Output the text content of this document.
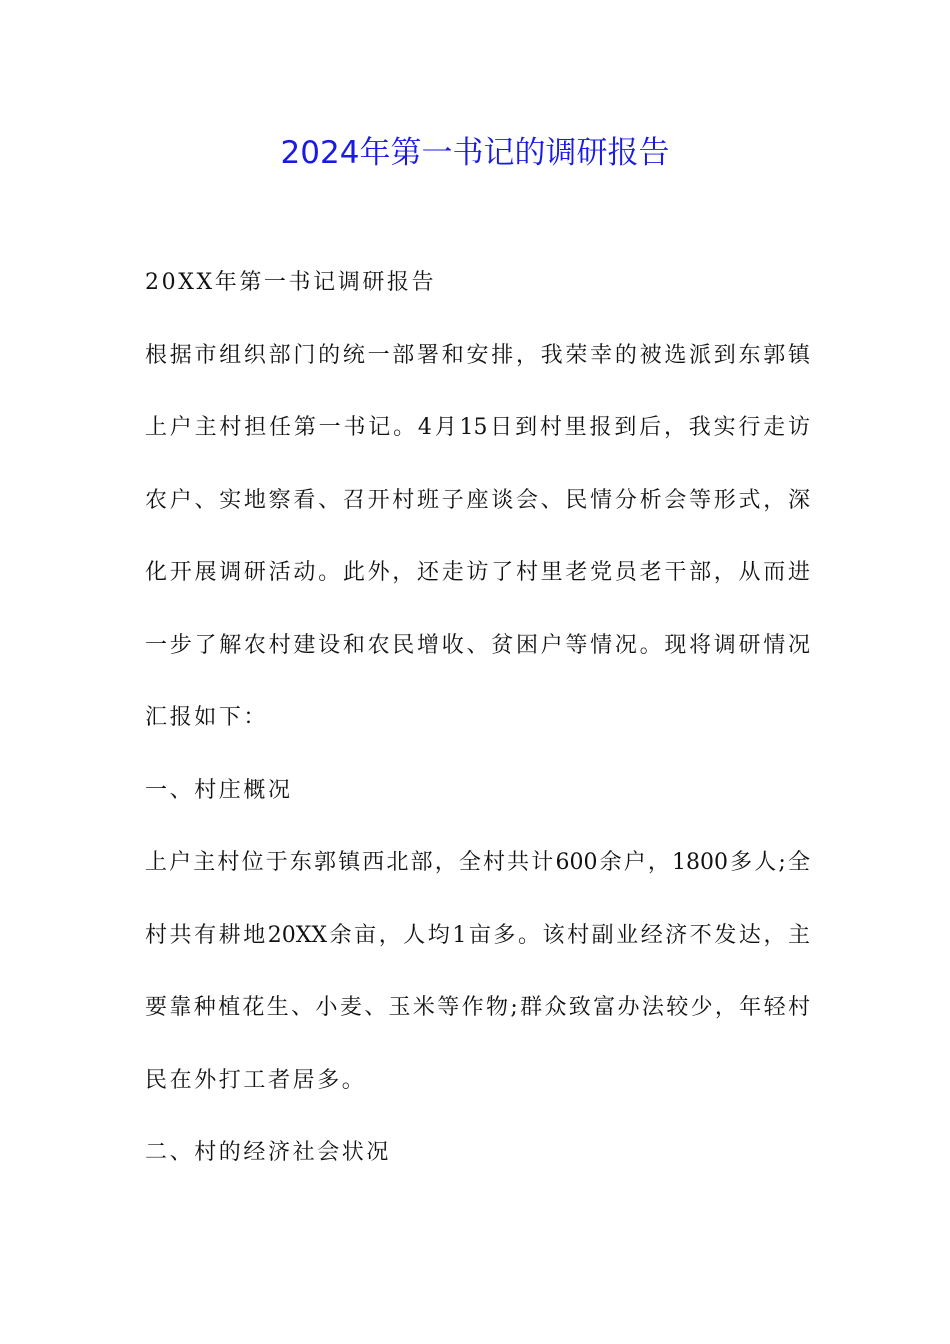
2024年第一书记的调研报告
20XX年第一书记调研报告
根据市组织部门的统一部署和安排，我荣幸的被选派到东郭镇
上户主村担任第一书记。4月15日到村里报到后，我实行走访
农户、实地察看、召开村班子座谈会、民情分析会等形式，深
化开展调研活动。此外，还走访了村里老党员老干部，从而进
一步了解农村建设和农民增收、贫困户等情况。现将调研情况
汇报如下：
一、村庄概况
上户主村位于东郭镇西北部，全村共计600余户，1800多人;全
村共有耕地20XX余亩，人均1亩多。该村副业经济不发达，主
要靠种植花生、小麦、玉米等作物;群众致富办法较少，年轻村
民在外打工者居多。
二、村的经济社会状况
